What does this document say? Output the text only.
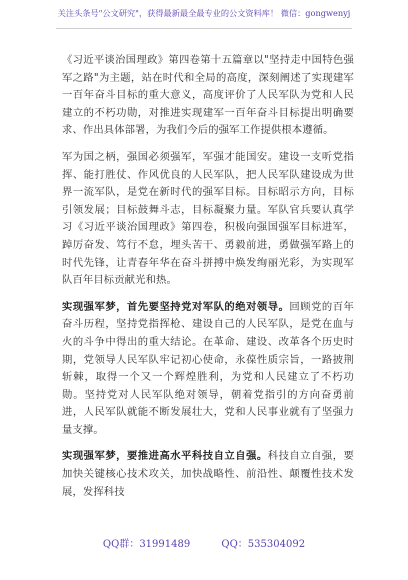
关注头条号"公文研究"，获得最新最全最专业的公文资料库！ 微信：gongwenyj

《习近平谈治国理政》第四卷第十五篇章以"坚持走中国特色强军之路"为主题，站在时代和全局的高度，深刻阐述了实现建军一百年奋斗目标的重大意义，高度评价了人民军队为党和人民建立的不朽功勋，对推进实现建军一百年奋斗目标提出明确要求、作出具体部署，为我们今后的强军工作提供根本遵循。

军为国之柄，强国必须强军，军强才能国安。建设一支听党指挥、能打胜仗、作风优良的人民军队，把人民军队建设成为世界一流军队，是党在新时代的强军目标。目标昭示方向，目标引领发展；目标鼓舞斗志，目标凝聚力量。军队官兵要认真学习《习近平谈治国理政》第四卷，积极向强国强军目标进军，踔厉奋发、笃行不怠，埋头苦干、勇毅前进，勇做强军路上的时代先锋，让青春年华在奋斗拼搏中焕发绚丽光彩，为实现军队百年目标贡献光和热。

实现强军梦，首先要坚持党对军队的绝对领导。回顾党的百年奋斗历程，坚持党指挥枪、建设自己的人民军队，是党在血与火的斗争中得出的重大结论。在革命、建设、改革各个历史时期，党领导人民军队牢记初心使命，永葆性质宗旨，一路披荆斩棘，取得一个又一个辉煌胜利，为党和人民建立了不朽功勋。坚持党对人民军队绝对领导，朝着党指引的方向奋勇前进，人民军队就能不断发展壮大，党和人民事业就有了坚强力量支撑。

实现强军梦，要推进高水平科技自立自强。科技自立自强，要加快关键核心技术攻关，加快战略性、前沿性、颠覆性技术发展，发挥科技

QQ群：31991489	QQ：535304092
